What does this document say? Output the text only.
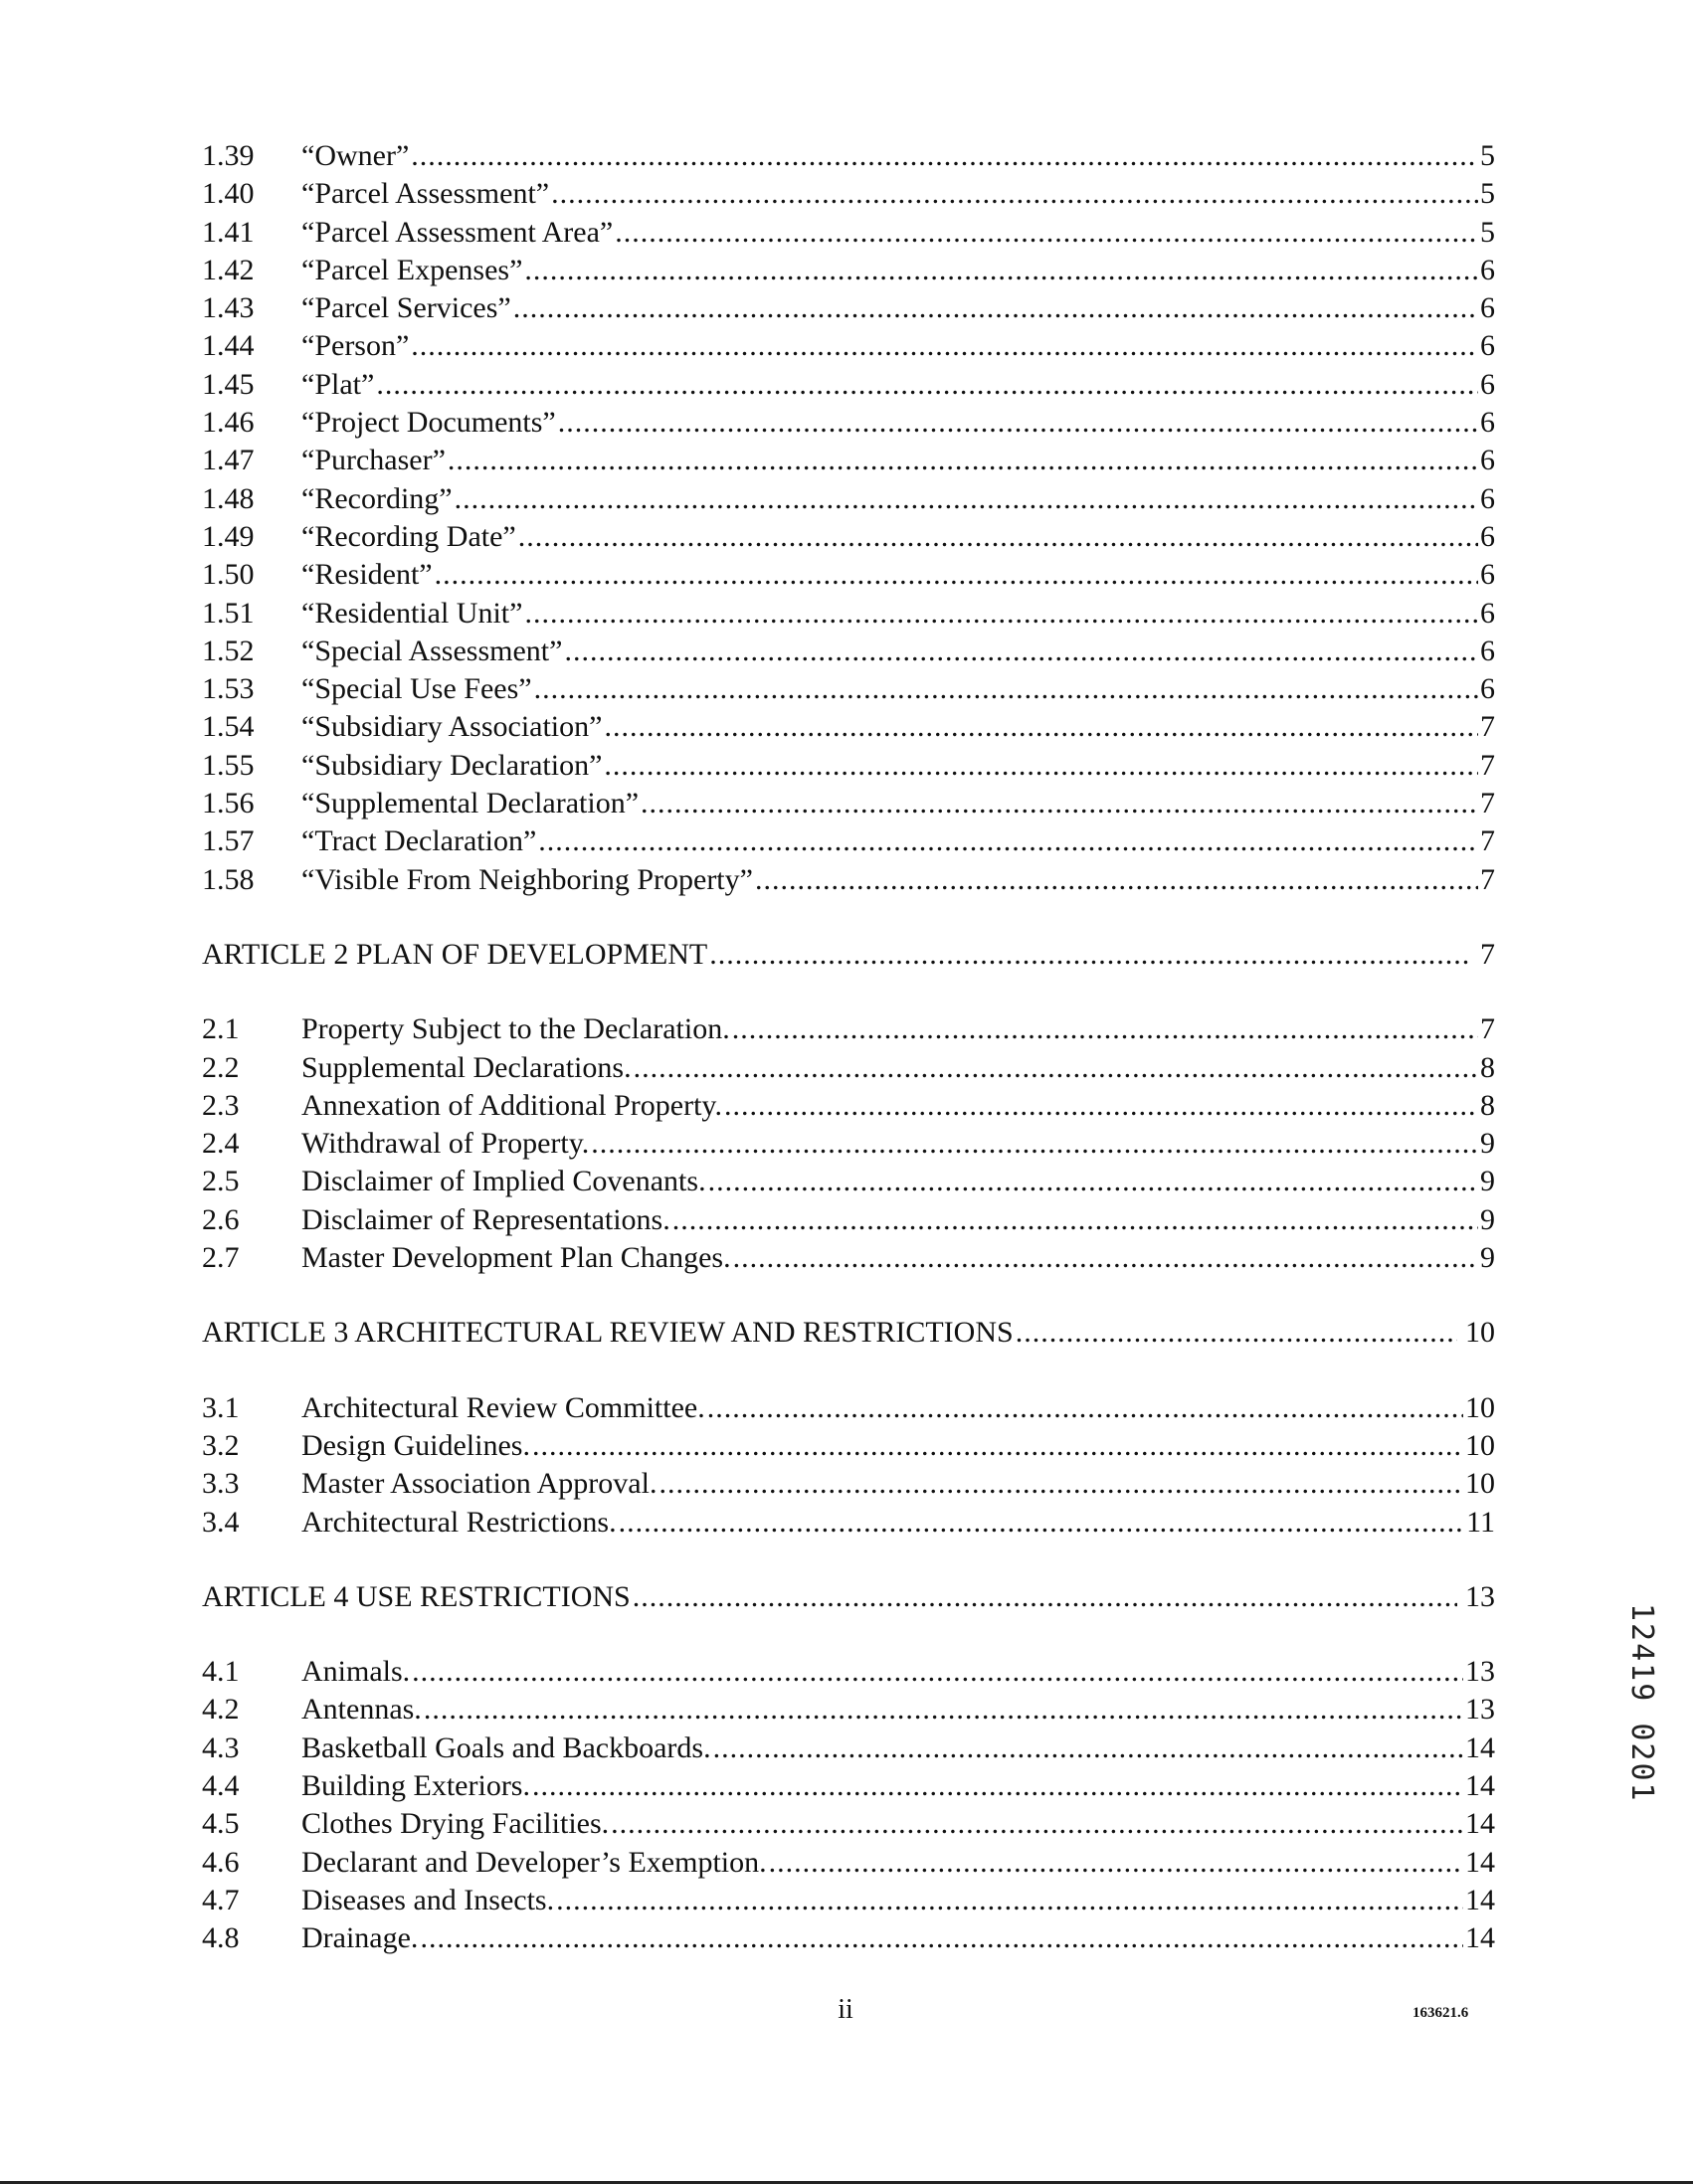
1.39	“Owner” .....	5
1.40	“Parcel Assessment” .....	5
1.41	“Parcel Assessment Area” .....	5
1.42	“Parcel Expenses” .....	6
1.43	“Parcel Services” .....	6
1.44	“Person” .....	6
1.45	“Plat” .....	6
1.46	“Project Documents” .....	6
1.47	“Purchaser” .....	6
1.48	“Recording” .....	6
1.49	“Recording Date” .....	6
1.50	“Resident” .....	6
1.51	“Residential Unit” .....	6
1.52	“Special Assessment” .....	6
1.53	“Special Use Fees” .....	6
1.54	“Subsidiary Association” .....	7
1.55	“Subsidiary Declaration” .....	7
1.56	“Supplemental Declaration” .....	7
1.57	“Tract Declaration” .....	7
1.58	“Visible From Neighboring Property” .....	7
ARTICLE 2 PLAN OF DEVELOPMENT .....	7
2.1	Property Subject to the Declaration. .....	7
2.2	Supplemental Declarations. .....	8
2.3	Annexation of Additional Property. .....	8
2.4	Withdrawal of Property. .....	9
2.5	Disclaimer of Implied Covenants. .....	9
2.6	Disclaimer of Representations. .....	9
2.7	Master Development Plan Changes. .....	9
ARTICLE 3 ARCHITECTURAL REVIEW AND RESTRICTIONS .....	10
3.1	Architectural Review Committee. .....	10
3.2	Design Guidelines. .....	10
3.3	Master Association Approval. .....	10
3.4	Architectural Restrictions. .....	11
ARTICLE 4 USE RESTRICTIONS .....	13
4.1	Animals. .....	13
4.2	Antennas. .....	13
4.3	Basketball Goals and Backboards. .....	14
4.4	Building Exteriors. .....	14
4.5	Clothes Drying Facilities. .....	14
4.6	Declarant and Developer’s Exemption. .....	14
4.7	Diseases and Insects. .....	14
4.8	Drainage. .....	14
ii	163621.6
12419 0201
